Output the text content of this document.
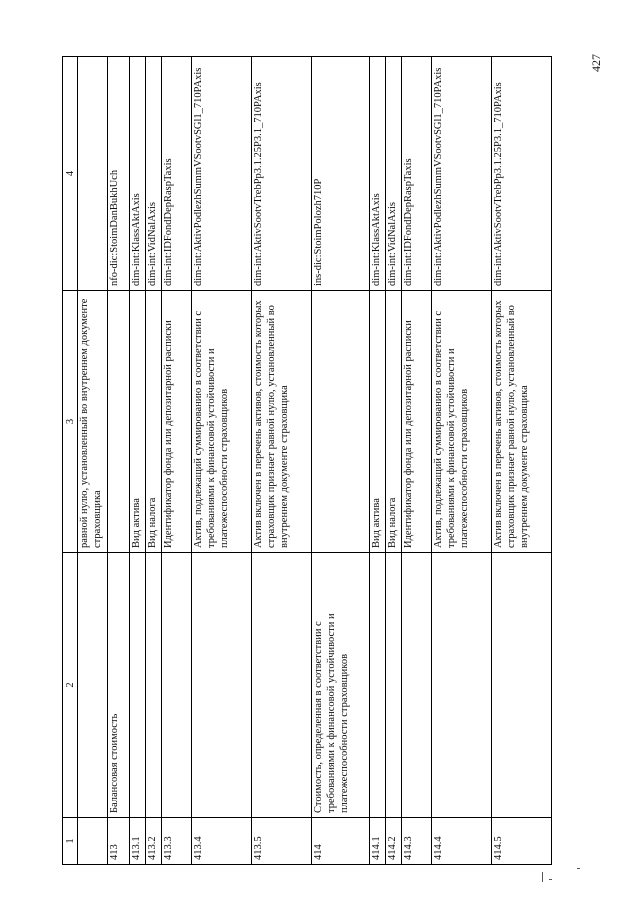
427
1	2	3	4
		равной нулю, установленный во внутреннем документе страховщика	
413	Балансовая стоимость		nfo-dic:StoimDanBukhUch
413.1		Вид актива	dim-int:KlassAktAxis
413.2		Вид налога	dim-int:VidNalAxis
413.3		Идентификатор фонда или депозитарной расписки	dim-int:IDFondDepRaspTaxis
413.4		Актив, подлежащий суммированию в соответствии с требованиями к финансовой устойчивости и платежеспособности страховщиков	dim-int:AktivPodlezhSummVSootvSGl1_710PAxis
413.5		Актив включен в перечень активов, стоимость которых страховщик признает равной нулю, установленный во внутреннем документе страховщика	dim-int:AktivSootvTrebPp3.1.25P3.1_710PAxis
414	Стоимость, определенная в соответствии с требованиями к финансовой устойчивости и платежеспособности страховщиков		ins-dic:StoimPolozh710P
414.1		Вид актива	dim-int:KlassAktAxis
414.2		Вид налога	dim-int:VidNalAxis
414.3		Идентификатор фонда или депозитарной расписки	dim-int:IDFondDepRaspTaxis
414.4		Актив, подлежащий суммированию в соответствии с требованиями к финансовой устойчивости и платежеспособности страховщиков	dim-int:AktivPodlezhSummVSootvSGl1_710PAxis
414.5		Актив включен в перечень активов, стоимость которых страховщик признает равной нулю, установленный во внутреннем документе страховщика	dim-int:AktivSootvTrebPp3.1.25P3.1_710PAxis
